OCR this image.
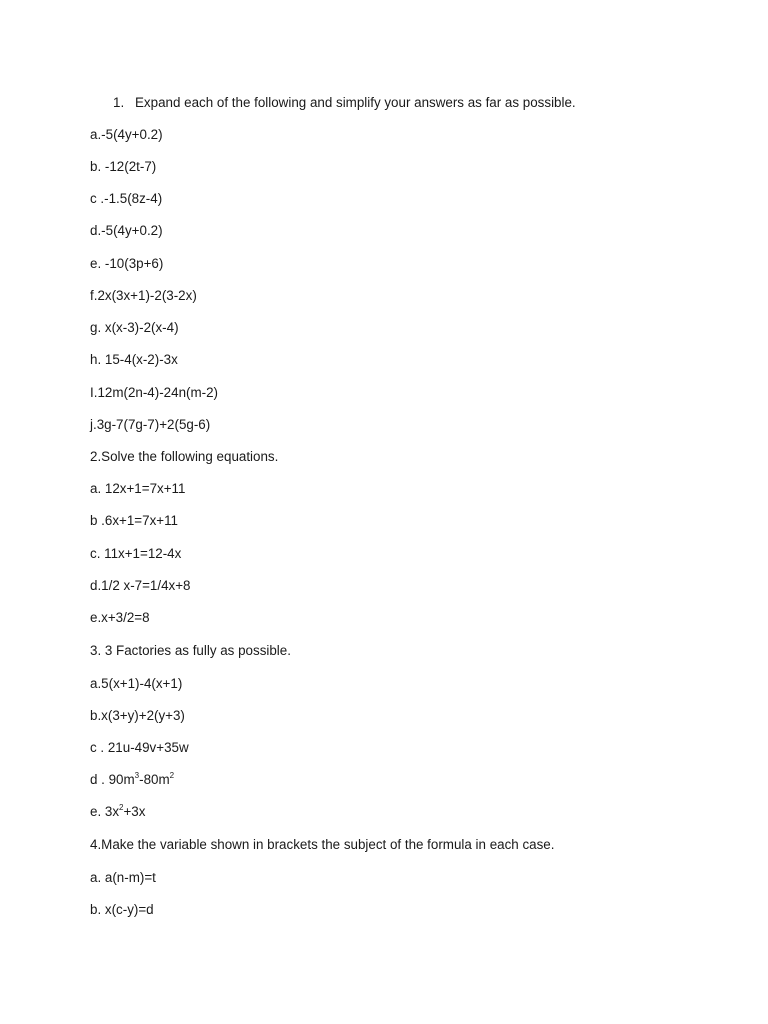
1. Expand each of the following and simplify your answers as far as possible.
a.-5(4y+0.2)
b. -12(2t-7)
c .-1.5(8z-4)
d.-5(4y+0.2)
e. -10(3p+6)
f.2x(3x+1)-2(3-2x)
g. x(x-3)-2(x-4)
h. 15-4(x-2)-3x
I.12m(2n-4)-24n(m-2)
j.3g-7(7g-7)+2(5g-6)
2.Solve the following equations.
a. 12x+1=7x+11
b .6x+1=7x+11
c. 11x+1=12-4x
d.1/2 x-7=1/4x+8
e.x+3/2=8
3. 3 Factories as fully as possible.
a.5(x+1)-4(x+1)
b.x(3+y)+2(y+3)
c . 21u-49v+35w
d . $90m^3-80m^2$
e. $3x^2+3x$
4.Make the variable shown in brackets the subject of the formula in each case.
a. a(n-m)=t
b. x(c-y)=d
